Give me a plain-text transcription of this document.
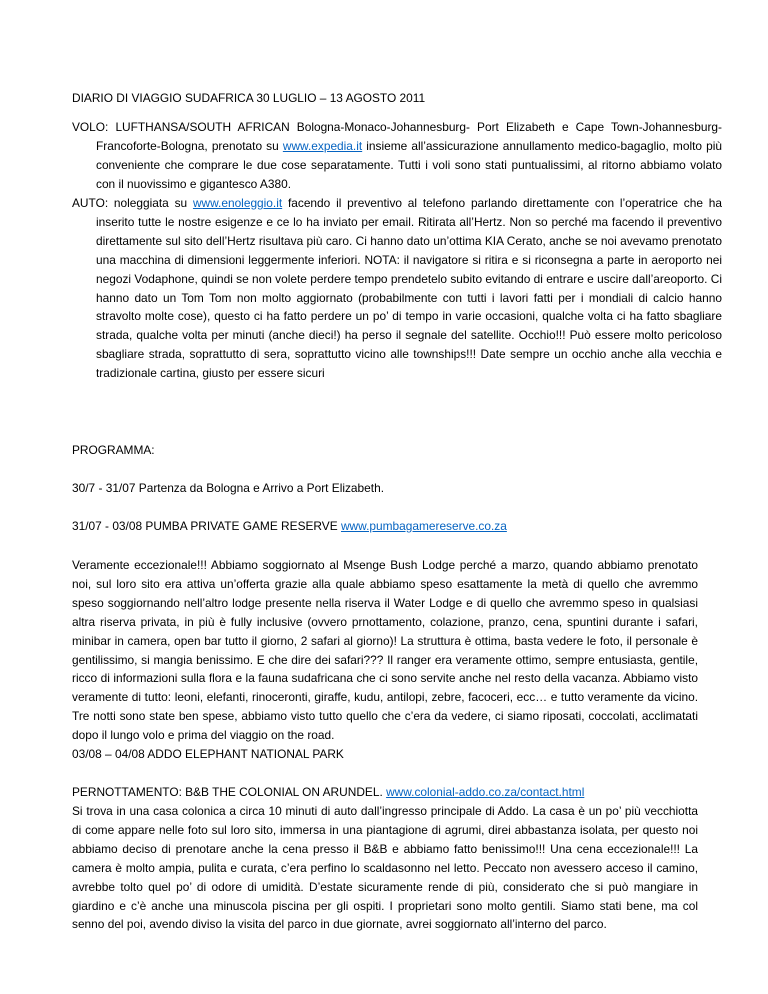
DIARIO DI VIAGGIO SUDAFRICA 30 LUGLIO – 13 AGOSTO 2011

VOLO: LUFTHANSA/SOUTH AFRICAN Bologna-Monaco-Johannesburg- Port Elizabeth e Cape Town-Johannesburg-Francoforte-Bologna, prenotato su www.expedia.it insieme all’assicurazione annullamento medico-bagaglio, molto più conveniente che comprare le due cose separatamente. Tutti i voli sono stati puntualissimi, al ritorno abbiamo volato con il nuovissimo e gigantesco A380.

AUTO: noleggiata su www.enoleggio.it facendo il preventivo al telefono parlando direttamente con l’operatrice che ha inserito tutte le nostre esigenze e ce lo ha inviato per email. Ritirata all’Hertz. Non so perché ma facendo il preventivo direttamente sul sito dell’Hertz risultava più caro. Ci hanno dato un’ottima KIA Cerato, anche se noi avevamo prenotato una macchina di dimensioni leggermente inferiori. NOTA: il navigatore si ritira e si riconsegna a parte in aeroporto nei negozi Vodaphone, quindi se non volete perdere tempo prendetelo subito evitando di entrare e uscire dall’areoporto. Ci hanno dato un Tom Tom non molto aggiornato (probabilmente con tutti i lavori fatti per i mondiali di calcio hanno stravolto molte cose), questo ci ha fatto perdere un po’ di tempo in varie occasioni, qualche volta ci ha fatto sbagliare strada, qualche volta per minuti (anche dieci!) ha perso il segnale del satellite. Occhio!!! Può essere molto pericoloso sbagliare strada, soprattutto di sera, soprattutto vicino alle townships!!! Date sempre un occhio anche alla vecchia e tradizionale cartina, giusto per essere sicuri

PROGRAMMA:

30/7 - 31/07 Partenza da Bologna e Arrivo a Port Elizabeth.

31/07 - 03/08 PUMBA PRIVATE GAME RESERVE www.pumbagamereserve.co.za

Veramente eccezionale!!! Abbiamo soggiornato al Msenge Bush Lodge perché a marzo, quando abbiamo prenotato noi, sul loro sito era attiva un’offerta grazie alla quale abbiamo speso esattamente la metà di quello che avremmo speso soggiornando nell’altro lodge presente nella riserva il Water Lodge e di quello che avremmo speso in qualsiasi altra riserva privata, in più è fully inclusive (ovvero prnottamento, colazione, pranzo, cena, spuntini durante i safari, minibar in camera, open bar tutto il giorno, 2 safari al giorno)! La struttura è ottima, basta vedere le foto, il personale è gentilissimo, si mangia benissimo. E che dire dei safari??? Il ranger era veramente ottimo, sempre entusiasta, gentile, ricco di informazioni sulla flora e la fauna sudafricana che ci sono servite anche nel resto della vacanza. Abbiamo visto veramente di tutto: leoni, elefanti, rinoceronti, giraffe, kudu, antilopi, zebre, facoceri, ecc… e tutto veramente da vicino. Tre notti sono state ben spese, abbiamo visto tutto quello che c’era da vedere, ci siamo riposati, coccolati, acclimatati dopo il lungo volo e prima del viaggio on the road.

03/08 – 04/08 ADDO ELEPHANT NATIONAL PARK

PERNOTTAMENTO: B&B THE COLONIAL ON ARUNDEL. www.colonial-addo.co.za/contact.html

Si trova in una casa colonica a circa 10 minuti di auto dall’ingresso principale di Addo. La casa è un po’ più vecchiotta di come appare nelle foto sul loro sito, immersa in una piantagione di agrumi, direi abbastanza isolata, per questo noi abbiamo deciso di prenotare anche la cena presso il B&B e abbiamo fatto benissimo!!! Una cena eccezionale!!! La camera è molto ampia, pulita e curata, c’era perfino lo scaldasonno nel letto. Peccato non avessero acceso il camino, avrebbe tolto quel po’ di odore di umidità. D’estate sicuramente rende di più, considerato che si può mangiare in giardino e c’è anche una minuscola piscina per gli ospiti. I proprietari sono molto gentili. Siamo stati bene, ma col senno del poi, avendo diviso la visita del parco in due giornate, avrei soggiornato all’interno del parco.
